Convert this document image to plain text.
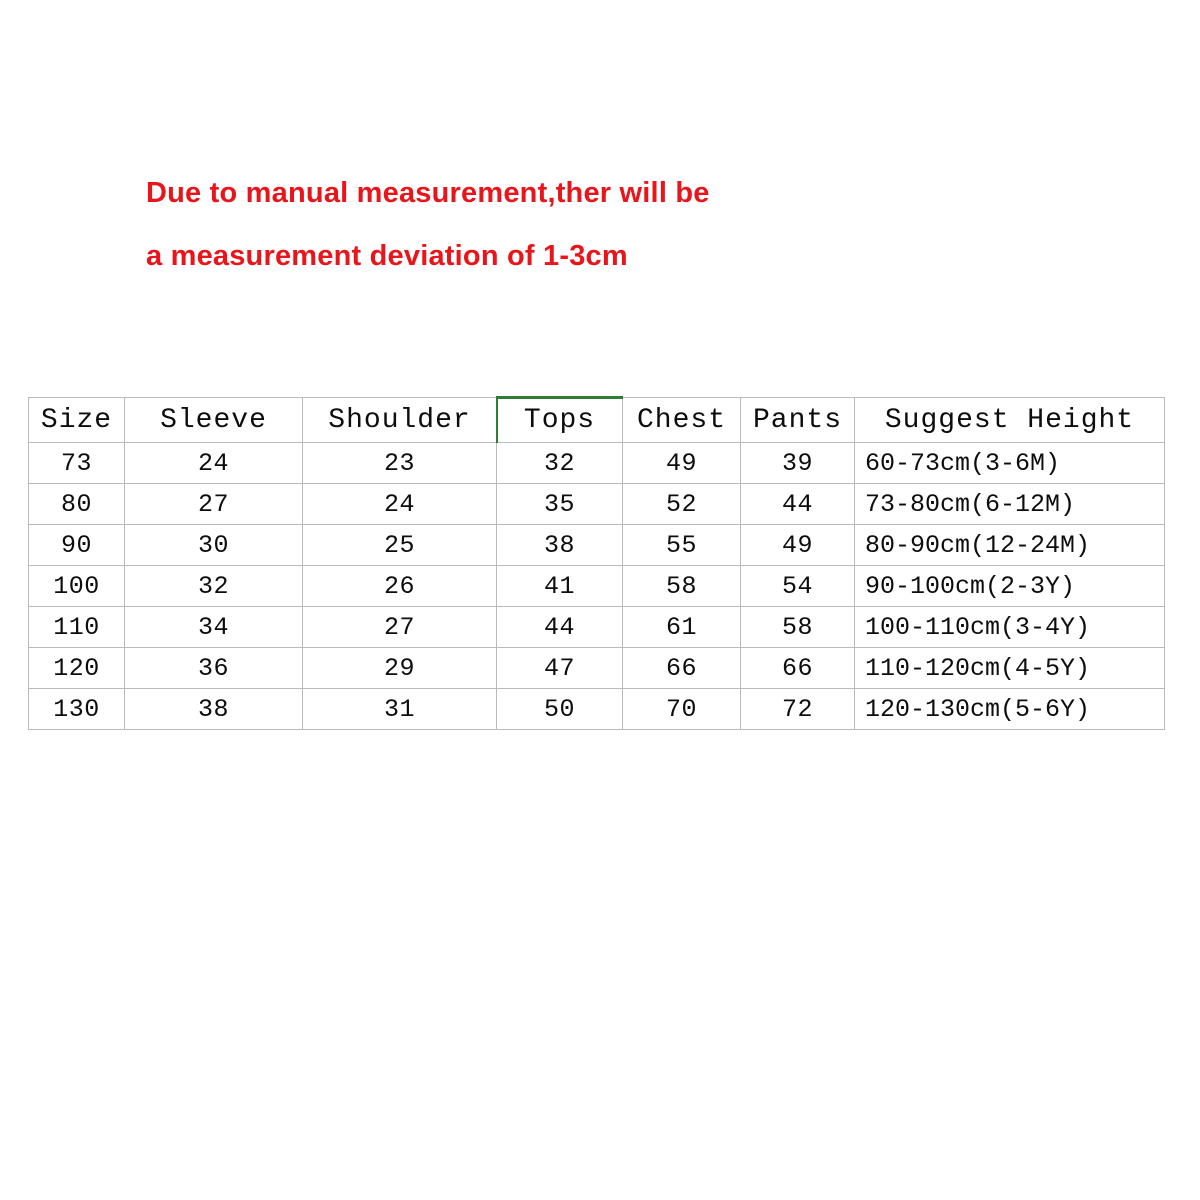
Due to manual measurement,ther will be
a measurement deviation of 1-3cm
Size	Sleeve	Shoulder	Tops	Chest	Pants	Suggest Height
73	24	23	32	49	39	60-73cm(3-6M)
80	27	24	35	52	44	73-80cm(6-12M)
90	30	25	38	55	49	80-90cm(12-24M)
100	32	26	41	58	54	90-100cm(2-3Y)
110	34	27	44	61	58	100-110cm(3-4Y)
120	36	29	47	66	66	110-120cm(4-5Y)
130	38	31	50	70	72	120-130cm(5-6Y)
